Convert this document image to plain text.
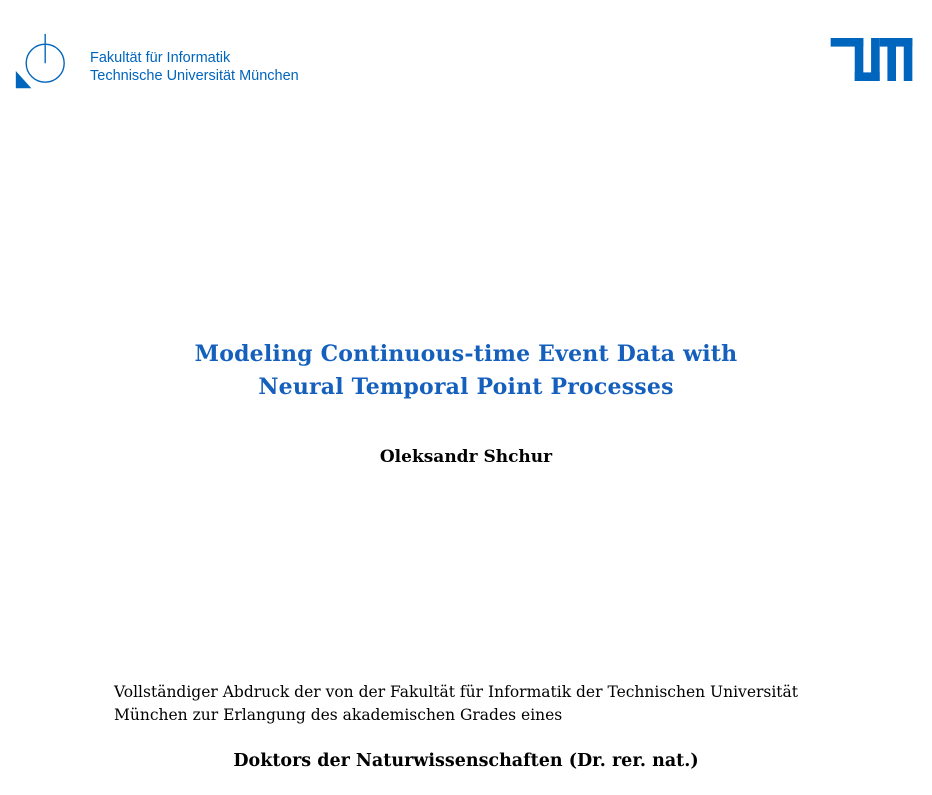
Fakultät für Informatik
Technische Universität München
Modeling Continuous-time Event Data with
Neural Temporal Point Processes
Oleksandr Shchur

Vollständiger Abdruck der von der Fakultät für Informatik der Technischen Universität
München zur Erlangung des akademischen Grades eines

Doktors der Naturwissenschaften (Dr. rer. nat.)
